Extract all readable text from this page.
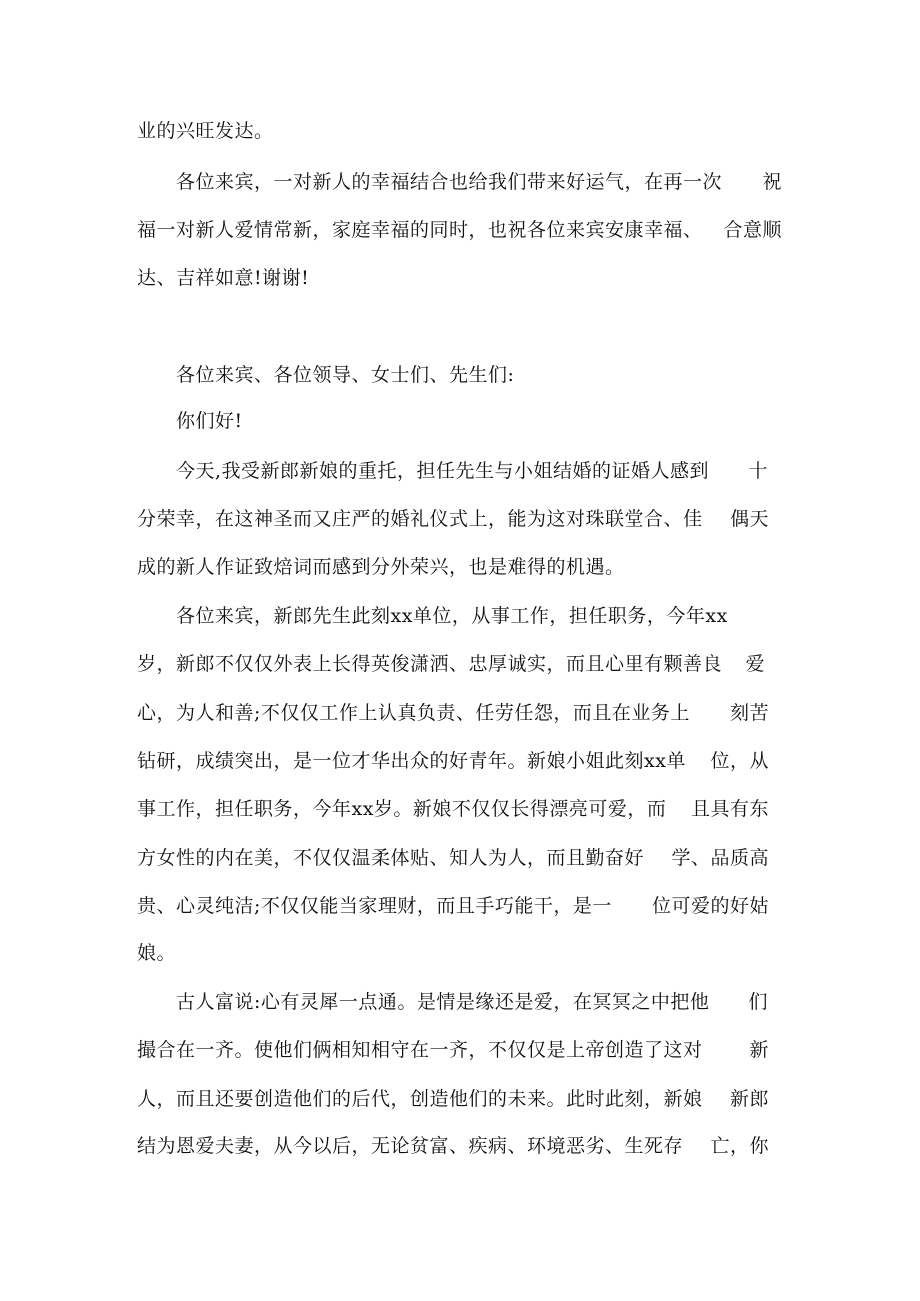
业的兴旺发达。
各位来宾，一对新人的幸福结合也给我们带来好运气，在再一次 祝
福一对新人爱情常新，家庭幸福的同时，也祝各位来宾安康幸福、 合意顺
达、吉祥如意!谢谢!
各位来宾、各位领导、女士们、先生们:
你们好!
今天,我受新郎新娘的重托，担任先生与小姐结婚的证婚人感到 十
分荣幸，在这神圣而又庄严的婚礼仪式上，能为这对珠联堂合、佳 偶天
成的新人作证致焙词而感到分外荣兴，也是难得的机遇。
各位来宾，新郎先生此刻xx单位，从事工作，担任职务，今年xx
岁，新郎不仅仅外表上长得英俊潇洒、忠厚诚实，而且心里有颗善良 爱
心，为人和善;不仅仅工作上认真负责、任劳任怨，而且在业务上 刻苦
钻研，成绩突出，是一位才华出众的好青年。新娘小姐此刻xx单 位，从
事工作，担任职务，今年xx岁。新娘不仅仅长得漂亮可爱，而 且具有东
方女性的内在美，不仅仅温柔体贴、知人为人，而且勤奋好 学、品质高
贵、心灵纯洁;不仅仅能当家理财，而且手巧能干，是一 位可爱的好姑
娘。
古人富说:心有灵犀一点通。是情是缘还是爱，在冥冥之中把他 们
撮合在一齐。使他们俩相知相守在一齐，不仅仅是上帝创造了这对 新
人，而且还要创造他们的后代，创造他们的未来。此时此刻，新娘 新郎
结为恩爱夫妻，从今以后，无论贫富、疾病、环境恶劣、生死存 亡，你
